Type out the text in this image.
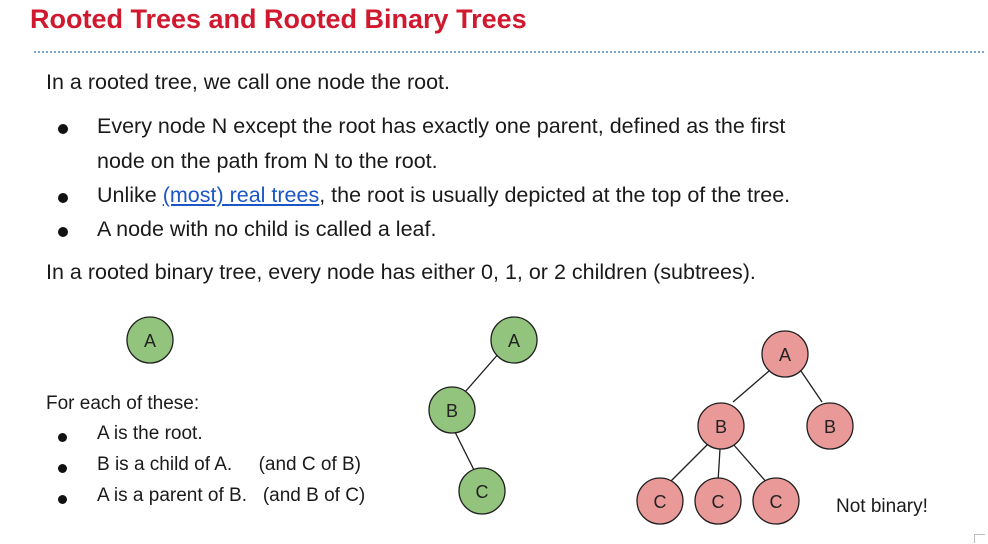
Rooted Trees and Rooted Binary Trees
In a rooted tree, we call one node the root.
Every node N except the root has exactly one parent, defined as the first
node on the path from N to the root.
Unlike (most) real trees, the root is usually depicted at the top of the tree.
A node with no child is called a leaf.
In a rooted binary tree, every node has either 0, 1, or 2 children (subtrees).
For each of these:
A is the root.
B is a child of A.     (and C of B)
A is a parent of B.   (and B of C)
Not binary!
A	A
B
C
A
B	B
C	C	C
